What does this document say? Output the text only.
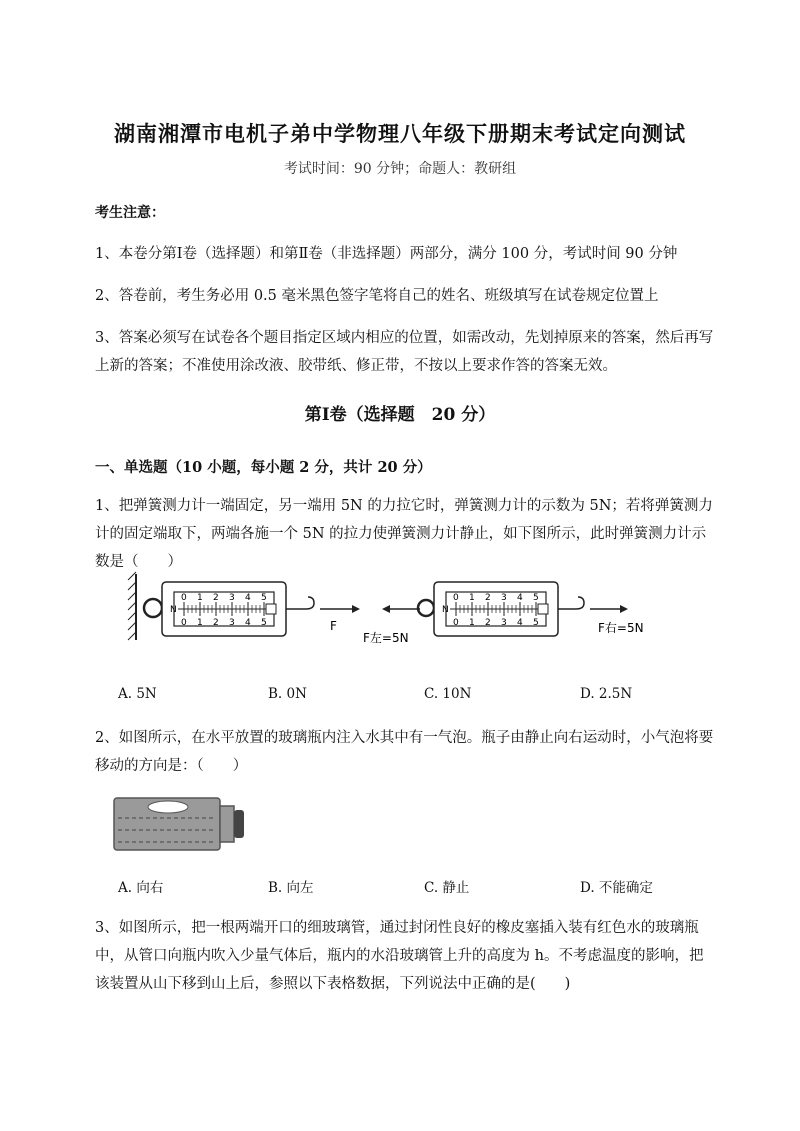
湖南湘潭市电机子弟中学物理八年级下册期末考试定向测试
考试时间：90 分钟；命题人：教研组
考生注意：
1、本卷分第Ⅰ卷（选择题）和第Ⅱ卷（非选择题）两部分，满分 100 分，考试时间 90 分钟
2、答卷前，考生务必用 0.5 毫米黑色签字笔将自己的姓名、班级填写在试卷规定位置上
3、答案必须写在试卷各个题目指定区域内相应的位置，如需改动，先划掉原来的答案，然后再写上新的答案；不准使用涂改液、胶带纸、修正带，不按以上要求作答的答案无效。
第Ⅰ卷（选择题　20 分）
一、单选题（10 小题，每小题 2 分，共计 20 分）
1、把弹簧测力计一端固定，另一端用 5N 的力拉它时，弹簧测力计的示数为 5N；若将弹簧测力计的固定端取下，两端各施一个 5N 的拉力使弹簧测力计静止，如下图所示，此时弹簧测力计示数是（　　）
0
0
1
1
2
2
3
3
4
4
5
5
0
0
1
1
2
2
3
3
4
4
5
5
N	N
F
F左=5N
F右=5N
A. 5N	B. 0N	C. 10N	D. 2.5N
2、如图所示，在水平放置的玻璃瓶内注入水其中有一气泡。瓶子由静止向右运动时，小气泡将要移动的方向是：（　　）
A. 向右	B. 向左	C. 静止	D. 不能确定
3、如图所示，把一根两端开口的细玻璃管，通过封闭性良好的橡皮塞插入装有红色水的玻璃瓶中，从管口向瓶内吹入少量气体后，瓶内的水沿玻璃管上升的高度为 h。不考虑温度的影响，把该装置从山下移到山上后，参照以下表格数据，下列说法中正确的是(　　)
